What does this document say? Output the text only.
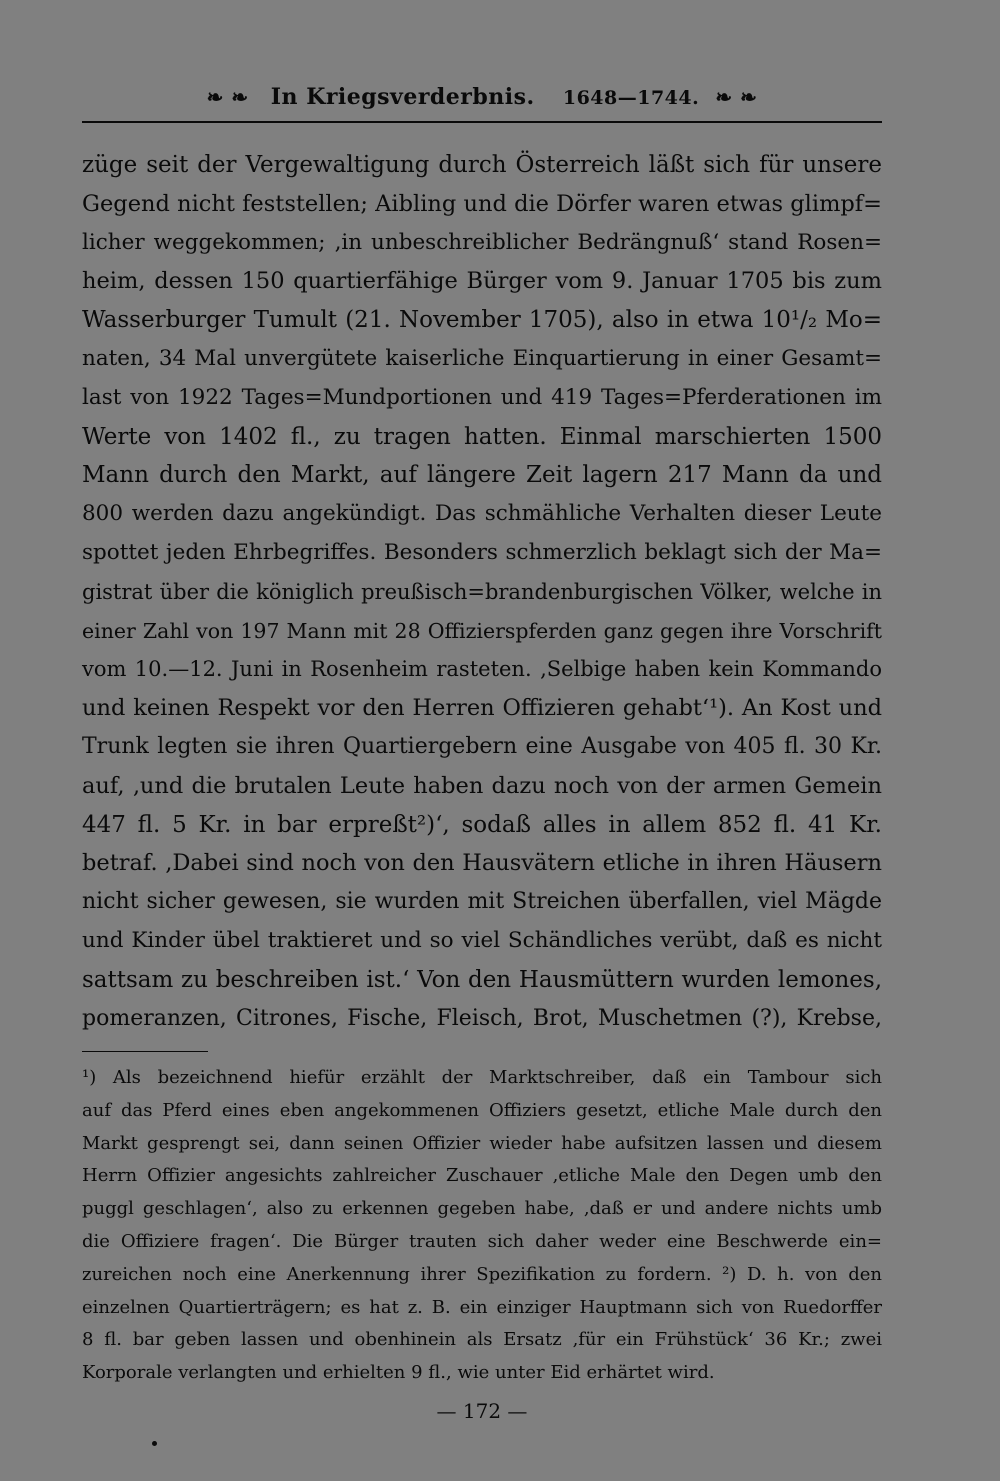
❧ ❧ In Kriegsverderbnis. 1648—1744. ❧ ❧
züge seit der Vergewaltigung durch Österreich läßt sich für unsere
Gegend nicht feststellen; Aibling und die Dörfer waren etwas glimpf=
licher weggekommen; ‚in unbeschreiblicher Bedrängnuß‘ stand Rosen=
heim, dessen 150 quartierfähige Bürger vom 9. Januar 1705 bis zum
Wasserburger Tumult (21. November 1705), also in etwa 10¹/₂ Mo=
naten, 34 Mal unvergütete kaiserliche Einquartierung in einer Gesamt=
last von 1922 Tages=Mundportionen und 419 Tages=Pferderationen im
Werte von 1402 fl., zu tragen hatten. Einmal marschierten 1500
Mann durch den Markt, auf längere Zeit lagern 217 Mann da und
800 werden dazu angekündigt. Das schmähliche Verhalten dieser Leute
spottet jeden Ehrbegriffes. Besonders schmerzlich beklagt sich der Ma=
gistrat über die königlich preußisch=brandenburgischen Völker, welche in
einer Zahl von 197 Mann mit 28 Offizierspferden ganz gegen ihre Vorschrift
vom 10.—12. Juni in Rosenheim rasteten. ‚Selbige haben kein Kommando
und keinen Respekt vor den Herren Offizieren gehabt‘¹). An Kost und
Trunk legten sie ihren Quartiergebern eine Ausgabe von 405 fl. 30 Kr.
auf, ‚und die brutalen Leute haben dazu noch von der armen Gemein
447 fl. 5 Kr. in bar erpreßt²)‘, sodaß alles in allem 852 fl. 41 Kr.
betraf. ‚Dabei sind noch von den Hausvätern etliche in ihren Häusern
nicht sicher gewesen, sie wurden mit Streichen überfallen, viel Mägde
und Kinder übel traktieret und so viel Schändliches verübt, daß es nicht
sattsam zu beschreiben ist.‘ Von den Hausmüttern wurden lemones,
pomeranzen, Citrones, Fische, Fleisch, Brot, Muschetmen (?), Krebse,
¹) Als bezeichnend hiefür erzählt der Marktschreiber, daß ein Tambour sich
auf das Pferd eines eben angekommenen Offiziers gesetzt, etliche Male durch den
Markt gesprengt sei, dann seinen Offizier wieder habe aufsitzen lassen und diesem
Herrn Offizier angesichts zahlreicher Zuschauer ‚etliche Male den Degen umb den
puggl geschlagen‘, also zu erkennen gegeben habe, ‚daß er und andere nichts umb
die Offiziere fragen‘. Die Bürger trauten sich daher weder eine Beschwerde ein=
zureichen noch eine Anerkennung ihrer Spezifikation zu fordern. ²) D. h. von den
einzelnen Quartierträgern; es hat z. B. ein einziger Hauptmann sich von Ruedorffer
8 fl. bar geben lassen und obenhinein als Ersatz ‚für ein Frühstück‘ 36 Kr.; zwei
Korporale verlangten und erhielten 9 fl., wie unter Eid erhärtet wird.
— 172 —
